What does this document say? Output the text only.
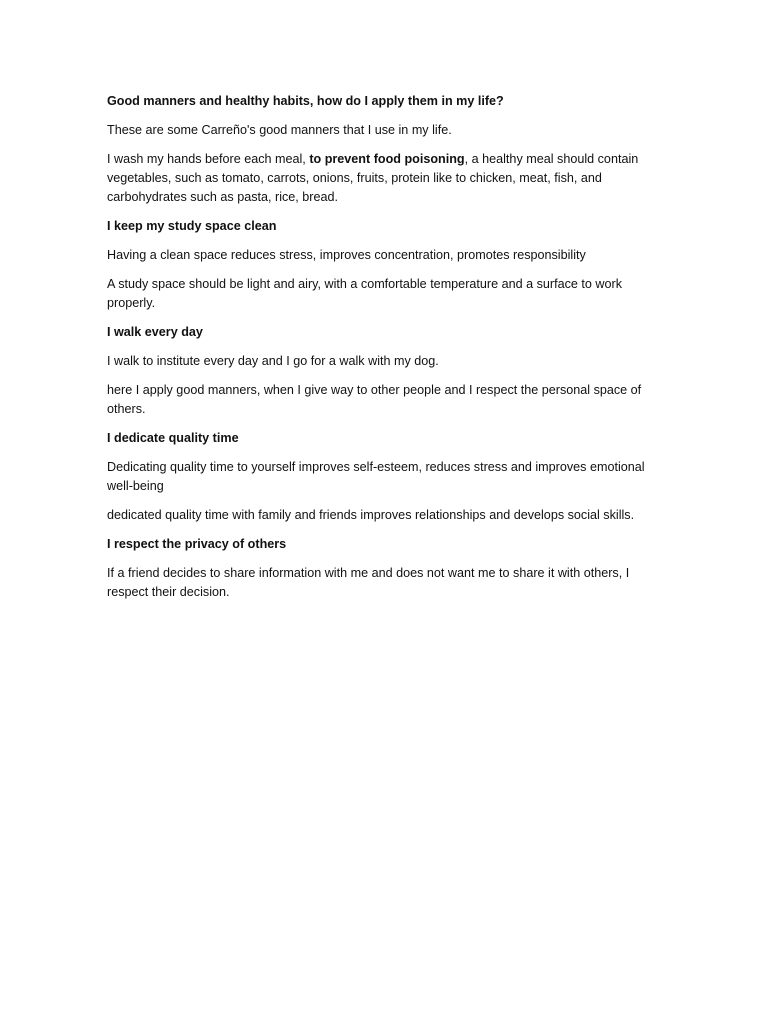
Good manners and healthy habits, how do I apply them in my life?

These are some Carreño's good manners that I use in my life.

I wash my hands before each meal, to prevent food poisoning, a healthy meal should contain vegetables, such as tomato, carrots, onions, fruits, protein like to chicken, meat, fish, and carbohydrates such as pasta, rice, bread.

I keep my study space clean

Having a clean space reduces stress, improves concentration, promotes responsibility

A study space should be light and airy, with a comfortable temperature and a surface to work properly.

I walk every day

I walk to institute every day and I go for a walk with my dog.

here I apply good manners, when I give way to other people and I respect the personal space of others.

I dedicate quality time

Dedicating quality time to yourself improves self-esteem, reduces stress and improves emotional well-being

dedicated quality time with family and friends improves relationships and develops social skills.

I respect the privacy of others

If a friend decides to share information with me and does not want me to share it with others, I respect their decision.
